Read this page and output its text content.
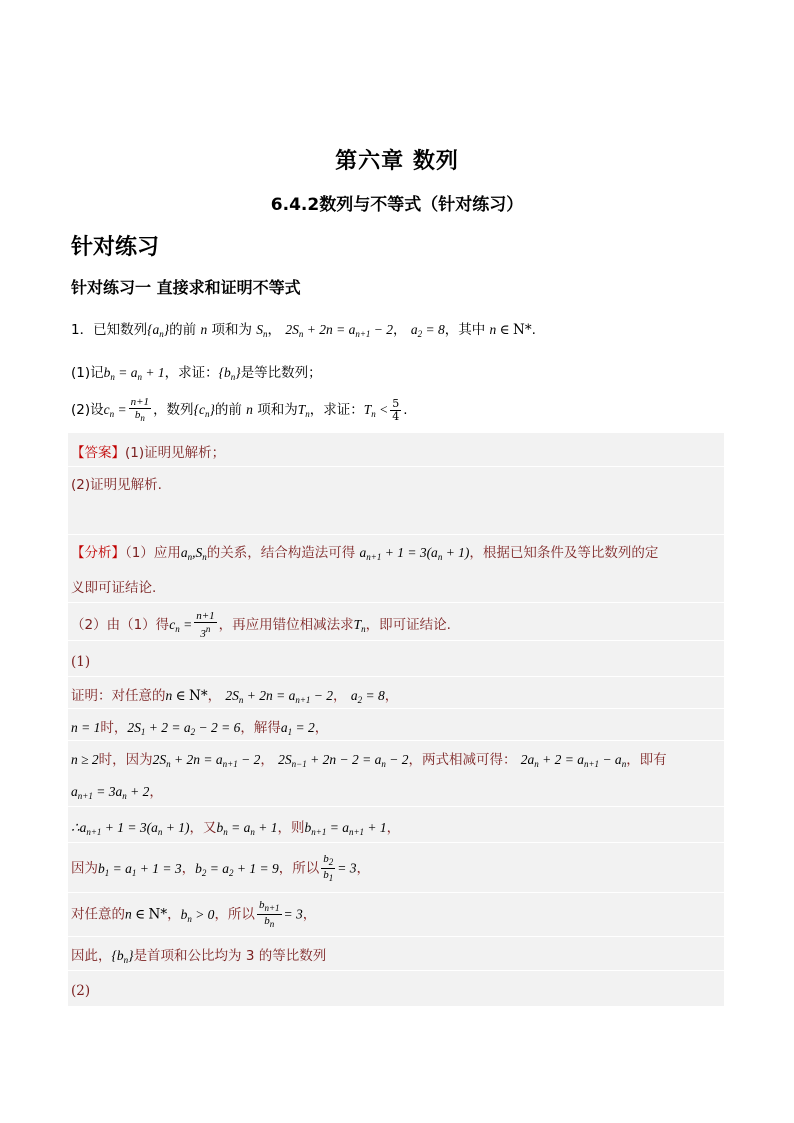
第六章 数列
6.4.2数列与不等式（针对练习）
针对练习
针对练习一 直接求和证明不等式
1．已知数列$\{a_n\}$的前 n 项和为 $S_n$， $2S_n + 2n = a_{n+1} - 2$， $a_2 = 8$，其中 n ∈ N*.
(1)记$b_n = a_n + 1$，求证：$\{b_n\}$是等比数列；
(2)设$c_n = \frac{n+1}{b_n}$ ，数列$\{c_n\}$的前 n 项和为$T_n$，求证：$T_n < \frac{5}{4}$ .
【答案】(1)证明见解析；
(2)证明见解析.
【分析】（1）应用$a_n,S_n$的关系，结合构造法可得 $a_{n+1} + 1 = 3(a_n + 1)$，根据已知条件及等比数列的定
义即可证结论.
（2）由（1）得$c_n = \frac{n+1}{3^n}$ ，再应用错位相减法求$T_n$，即可证结论.
(1)
证明：对任意的n ∈ N*， $2S_n + 2n = a_{n+1} - 2$， $a_2 = 8$，
n = 1时，$2S_1 + 2 = a_2 - 2 = 6$，解得$a_1 = 2$，
n ≥ 2时，因为$2S_n + 2n = a_{n+1} - 2$， $2S_{n-1} + 2n - 2 = a_n - 2$，两式相减可得： $2a_n + 2 = a_{n+1} - a_n$，即有
$a_{n+1} = 3a_n + 2$，
$\therefore a_{n+1} + 1 = 3(a_n + 1)$，又$b_n = a_n + 1$，则$b_{n+1} = a_{n+1} + 1$，
因为$b_1 = a_1 + 1 = 3$，$b_2 = a_2 + 1 = 9$，所以 $\frac{b_2}{b_1} = 3$，
对任意的n ∈ N*，$b_n > 0$，所以 $\frac{b_{n+1}}{b_n} = 3$，
因此，$\{b_n\}$是首项和公比均为 3 的等比数列
(2)
